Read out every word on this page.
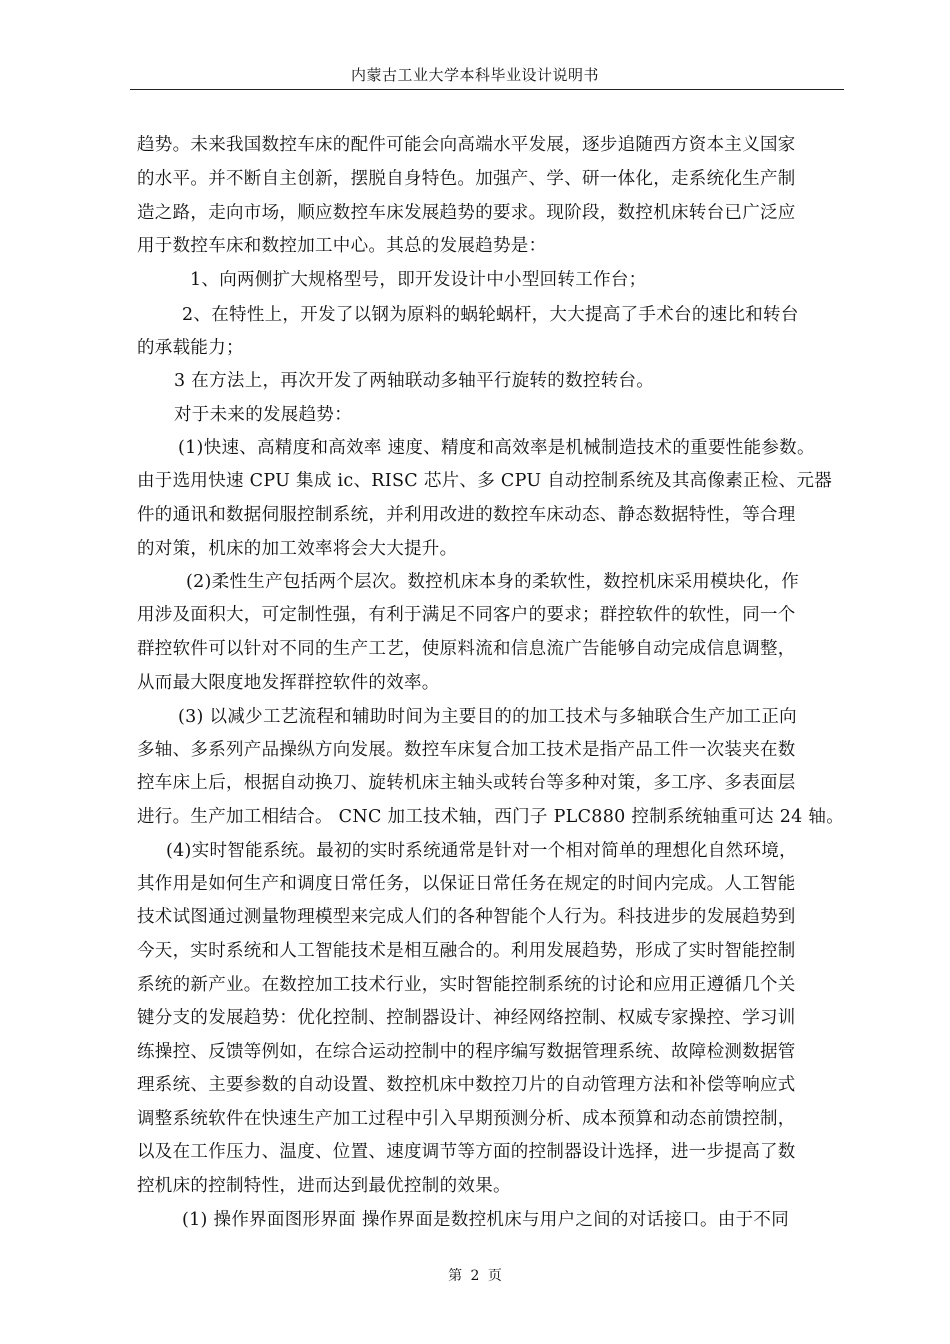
内蒙古工业大学本科毕业设计说明书
趋势。未来我国数控车床的配件可能会向高端水平发展，逐步追随西方资本主义国家
的水平。并不断自主创新，摆脱自身特色。加强产、学、研一体化，走系统化生产制
造之路，走向市场，顺应数控车床发展趋势的要求。现阶段，数控机床转台已广泛应
用于数控车床和数控加工中心。其总的发展趋势是：
1、向两侧扩大规格型号，即开发设计中小型回转工作台；
2、在特性上，开发了以钢为原料的蜗轮蜗杆，大大提高了手术台的速比和转台
的承载能力；
3 在方法上，再次开发了两轴联动多轴平行旋转的数控转台。
对于未来的发展趋势：
(1)快速、高精度和高效率 速度、精度和高效率是机械制造技术的重要性能参数。
由于选用快速 CPU 集成 ic、RISC 芯片、多 CPU 自动控制系统及其高像素正检、元器
件的通讯和数据伺服控制系统，并利用改进的数控车床动态、静态数据特性，等合理
的对策，机床的加工效率将会大大提升。
(2)柔性生产包括两个层次。数控机床本身的柔软性，数控机床采用模块化，作
用涉及面积大，可定制性强，有利于满足不同客户的要求；群控软件的软性，同一个
群控软件可以针对不同的生产工艺，使原料流和信息流广告能够自动完成信息调整，
从而最大限度地发挥群控软件的效率。
(3) 以减少工艺流程和辅助时间为主要目的的加工技术与多轴联合生产加工正向
多轴、多系列产品操纵方向发展。数控车床复合加工技术是指产品工件一次装夹在数
控车床上后，根据自动换刀、旋转机床主轴头或转台等多种对策，多工序、多表面层
进行。生产加工相结合。 CNC 加工技术轴，西门子 PLC880 控制系统轴重可达 24 轴。
(4)实时智能系统。最初的实时系统通常是针对一个相对简单的理想化自然环境，
其作用是如何生产和调度日常任务，以保证日常任务在规定的时间内完成。人工智能
技术试图通过测量物理模型来完成人们的各种智能个人行为。科技进步的发展趋势到
今天，实时系统和人工智能技术是相互融合的。利用发展趋势，形成了实时智能控制
系统的新产业。在数控加工技术行业，实时智能控制系统的讨论和应用正遵循几个关
键分支的发展趋势：优化控制、控制器设计、神经网络控制、权威专家操控、学习训
练操控、反馈等例如，在综合运动控制中的程序编写数据管理系统、故障检测数据管
理系统、主要参数的自动设置、数控机床中数控刀片的自动管理方法和补偿等响应式
调整系统软件在快速生产加工过程中引入早期预测分析、成本预算和动态前馈控制，
以及在工作压力、温度、位置、速度调节等方面的控制器设计选择，进一步提高了数
控机床的控制特性，进而达到最优控制的效果。
(1) 操作界面图形界面 操作界面是数控机床与用户之间的对话接口。由于不同
第 2 页
